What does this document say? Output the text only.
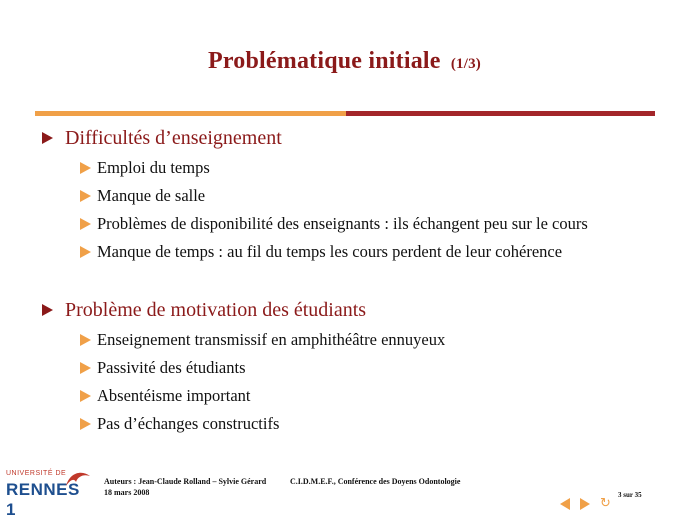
Problématique initiale (1/3)
Difficultés d’enseignement
Emploi du temps
Manque de salle
Problèmes de disponibilité des enseignants : ils échangent peu sur le cours
Manque de temps : au fil du temps les cours perdent de leur cohérence
Problème de motivation des étudiants
Enseignement transmissif en amphithéâtre ennuyeux
Passivité des étudiants
Absentéisme important
Pas d’échanges constructifs
UNIVERSITÉ DE
RENNES 1
Auteurs : Jean-Claude Rolland – Sylvie Gérard
18 mars 2008
C.I.D.M.E.F., Conférence des Doyens Odontologie
3 sur 35
↻
